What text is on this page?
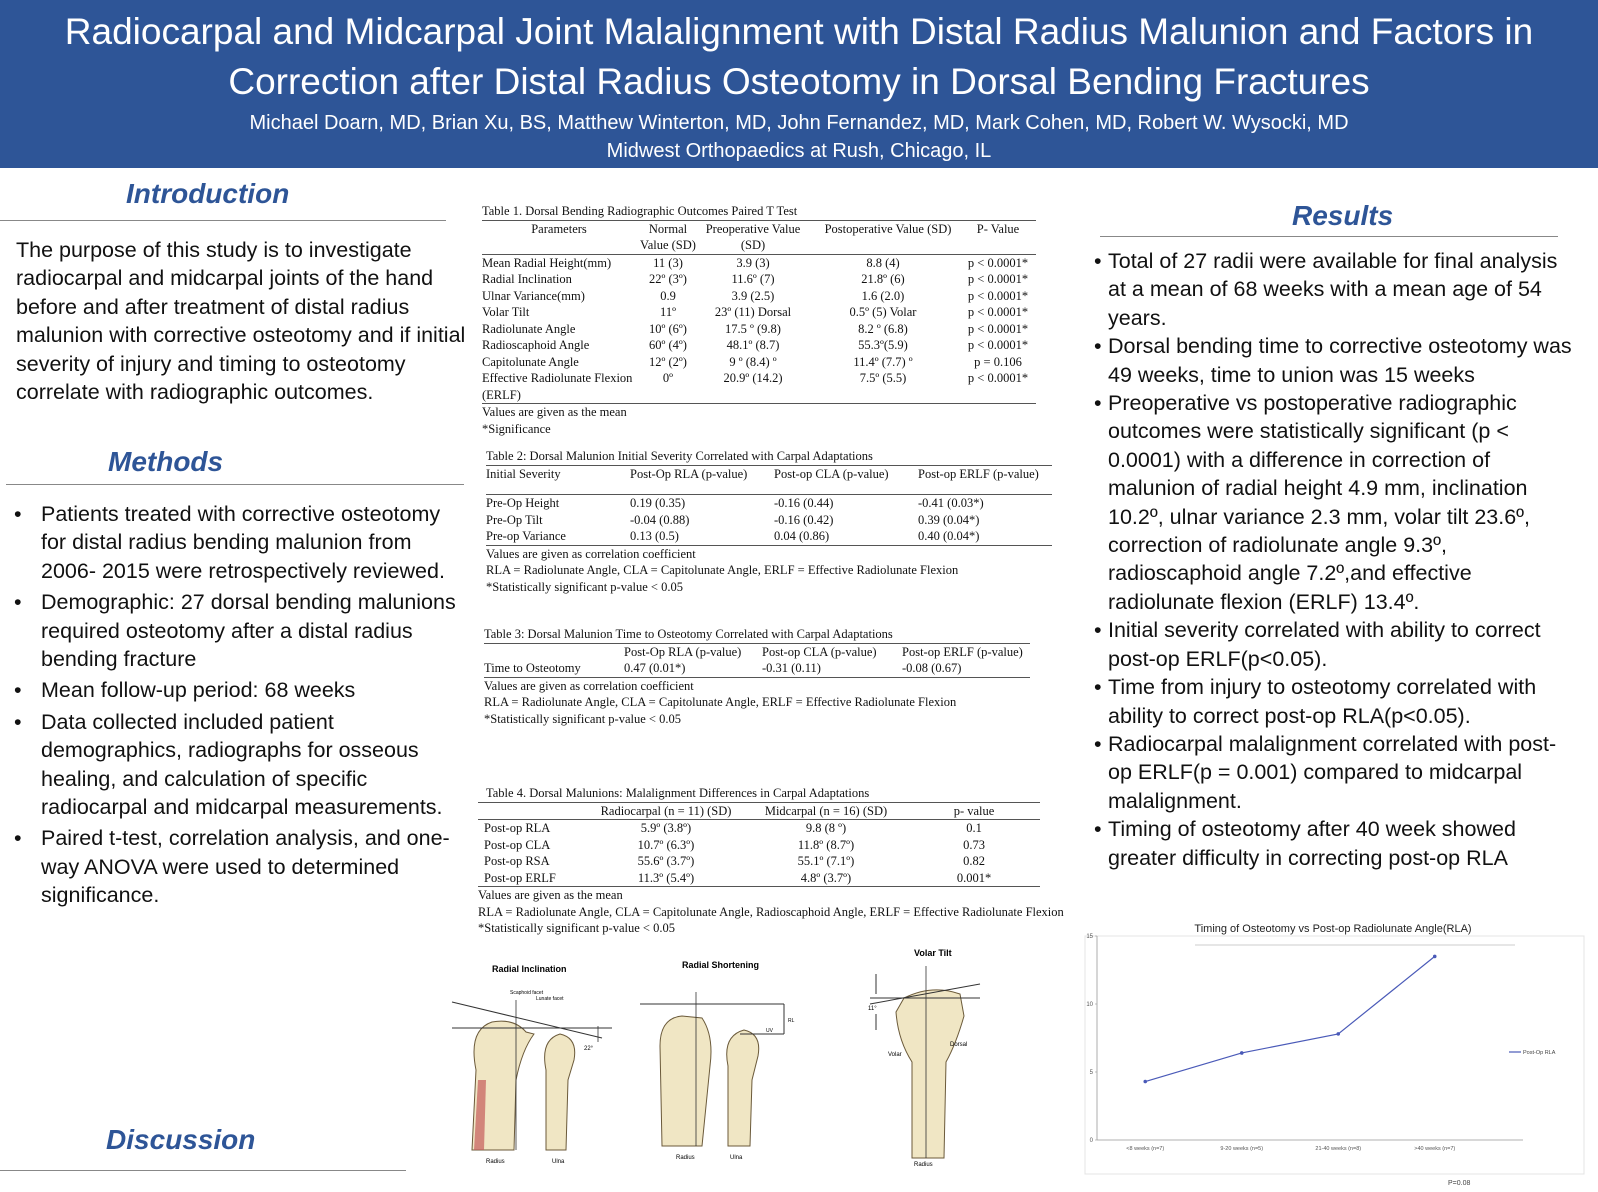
Radiocarpal and Midcarpal Joint Malalignment with Distal Radius Malunion and Factors in
Correction after Distal Radius Osteotomy in Dorsal Bending Fractures
Michael Doarn, MD, Brian Xu, BS, Matthew Winterton, MD, John Fernandez, MD, Mark Cohen, MD, Robert W. Wysocki, MD
Midwest Orthopaedics at Rush, Chicago, IL
Introduction
The purpose of this study is to investigate radiocarpal and midcarpal joints of the hand before and after treatment of distal radius malunion with corrective osteotomy and if initial severity of injury and timing to osteotomy correlate with radiographic outcomes.
Methods
• Patients treated with corrective osteotomy for distal radius bending malunion from 2006- 2015 were retrospectively reviewed.
• Demographic: 27 dorsal bending malunions required osteotomy after a distal radius bending fracture
• Mean follow-up period: 68 weeks
• Data collected included patient demographics, radiographs for osseous healing, and calculation of specific radiocarpal and midcarpal measurements.
• Paired t-test, correlation analysis, and one-way ANOVA were used to determined significance.
Discussion
Results
• Total of 27 radii were available for final analysis at a mean of 68 weeks with a mean age of 54 years.
• Dorsal bending time to corrective osteotomy was 49 weeks, time to union was 15 weeks
• Preoperative vs postoperative radiographic outcomes were statistically significant (p < 0.0001) with a difference in correction of malunion of radial height 4.9 mm, inclination 10.2º, ulnar variance 2.3 mm, volar tilt 23.6º, correction of radiolunate angle 9.3º, radioscaphoid angle 7.2º,and effective radiolunate flexion (ERLF) 13.4º.
• Initial severity correlated with ability to correct post-op ERLF(p<0.05).
• Time from injury to osteotomy correlated with ability to correct post-op RLA(p<0.05).
• Radiocarpal malalignment correlated with post-op ERLF(p = 0.001) compared to midcarpal malalignment.
• Timing of osteotomy after 40 week showed greater difficulty in correcting post-op RLA
Table 1. Dorsal Bending Radiographic Outcomes Paired T Test
Parameters	Normal Value (SD)	Preoperative Value (SD)	Postoperative Value (SD)	P- Value
Mean Radial Height(mm)	11 (3)	3.9 (3)	8.8 (4)	p < 0.0001*
Radial Inclination	22º (3º)	11.6º (7)	21.8º (6)	p < 0.0001*
Ulnar Variance(mm)	0.9	3.9 (2.5)	1.6 (2.0)	p < 0.0001*
Volar Tilt	11º	23º (11) Dorsal	0.5º (5) Volar	p < 0.0001*
Radiolunate Angle	10º (6º)	17.5 º (9.8)	8.2 º (6.8)	p < 0.0001*
Radioscaphoid Angle	60º (4º)	48.1º (8.7)	55.3º(5.9)	p < 0.0001*
Capitolunate Angle	12º (2º)	9 º (8.4) º	11.4º (7.7) º	p = 0.106
Effective Radiolunate Flexion (ERLF)	0º	20.9º (14.2)	7.5º (5.5)	p < 0.0001*
Values are given as the mean
*Significance
Table 2: Dorsal Malunion Initial Severity Correlated with Carpal Adaptations
Initial Severity	Post-Op RLA (p-value)	Post-op CLA (p-value)	Post-op ERLF (p-value)
Pre-Op Height	0.19 (0.35)	-0.16 (0.44)	-0.41 (0.03*)
Pre-Op Tilt	-0.04 (0.88)	-0.16 (0.42)	0.39 (0.04*)
Pre-op Variance	0.13 (0.5)	0.04 (0.86)	0.40 (0.04*)
Values are given as correlation coefficient
RLA = Radiolunate Angle, CLA = Capitolunate Angle, ERLF = Effective Radiolunate Flexion
*Statistically significant p-value < 0.05
Table 3: Dorsal Malunion Time to Osteotomy Correlated with Carpal Adaptations
	Post-Op RLA (p-value)	Post-op CLA (p-value)	Post-op ERLF (p-value)
Time to Osteotomy	0.47 (0.01*)	-0.31 (0.11)	-0.08 (0.67)
Values are given as correlation coefficient
RLA = Radiolunate Angle, CLA = Capitolunate Angle, ERLF = Effective Radiolunate Flexion
*Statistically significant p-value < 0.05
Table 4. Dorsal Malunions: Malalignment Differences in Carpal Adaptations
	Radiocarpal (n = 11) (SD)	Midcarpal (n = 16) (SD)	p- value
Post-op RLA	5.9º (3.8º)	9.8 (8 º)	0.1
Post-op CLA	10.7º (6.3º)	11.8º (8.7º)	0.73
Post-op RSA	55.6º (3.7º)	55.1º (7.1º)	0.82
Post-op ERLF	11.3º (5.4º)	4.8º (3.7º)	0.001*
Values are given as the mean
RLA = Radiolunate Angle, CLA = Capitolunate Angle, Radioscaphoid Angle, ERLF = Effective Radiolunate Flexion
*Statistically significant p-value < 0.05
Radial Inclination
Scaphoid facet
Lunate facet
22°
Radius	Ulna
Radial Shortening
UV
RL
Radius	Ulna
Volar Tilt
11°
Volar
Dorsal
Radius
Timing of Osteotomy vs Post-op Radiolunate Angle(RLA)
0
5
10
15
<8 weeks (n=7)	9-20 weeks (n=5)	21-40 weeks (n=8)	>40 weeks (n=7)
Post-Op RLA
P=0.08
